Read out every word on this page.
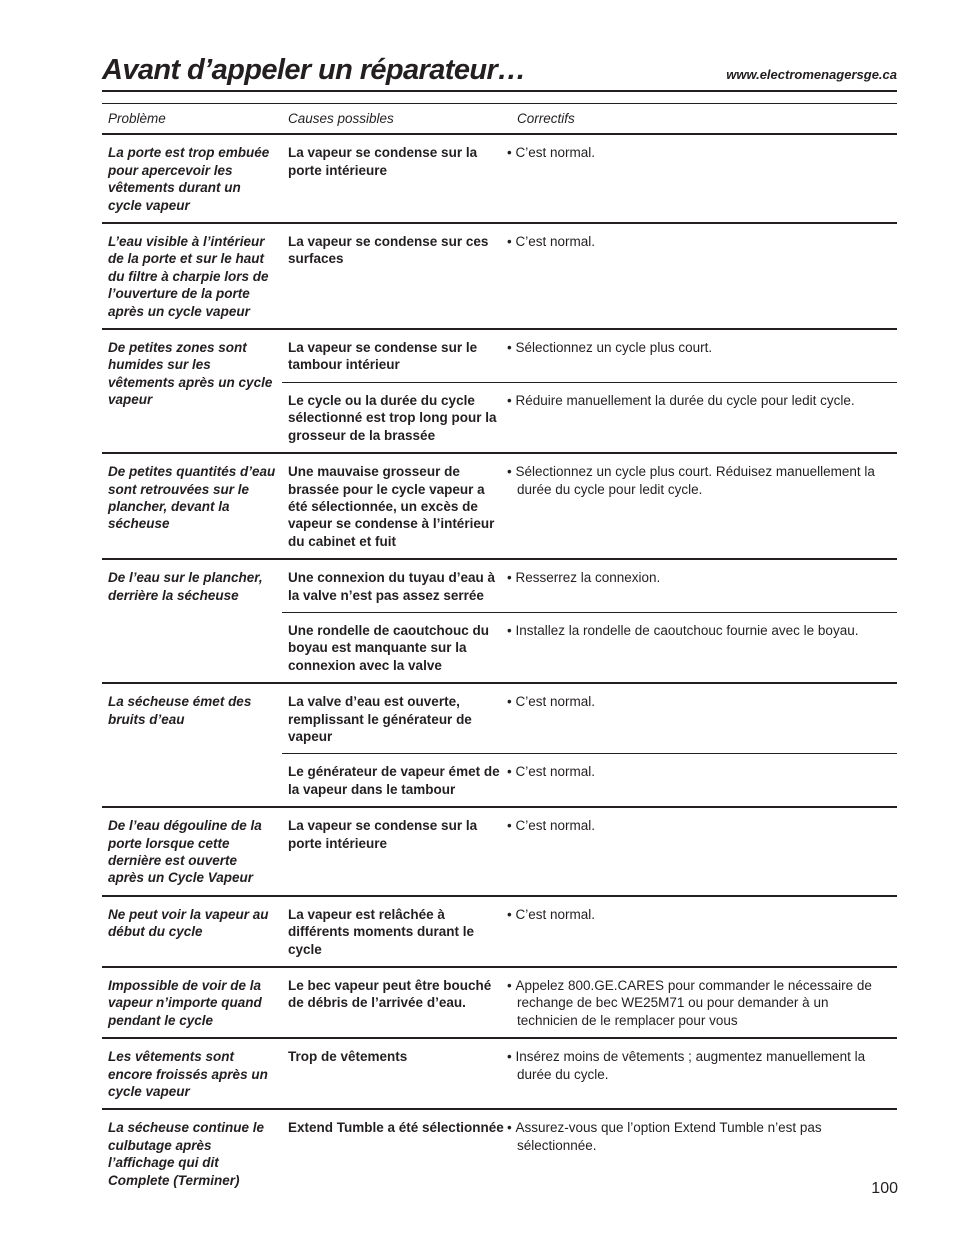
Avant d’appeler un réparateur…	www.electromenagersge.ca
Problème	Causes possibles	Correctifs
La porte est trop embuée pour apercevoir les vêtements durant un cycle vapeur	La vapeur se condense sur la porte intérieure	• C’est normal.
L’eau visible à l’intérieur de la porte et sur le haut du filtre à charpie lors de l’ouverture de la porte après un cycle vapeur	La vapeur se condense sur ces surfaces	• C’est normal.
De petites zones sont humides sur les vêtements après un cycle vapeur	La vapeur se condense sur le tambour intérieur	• Sélectionnez un cycle plus court.
	Le cycle ou la durée du cycle sélectionné est trop long pour la grosseur de la brassée	• Réduire manuellement la durée du cycle pour ledit cycle.
De petites quantités d’eau sont retrouvées sur le plancher, devant la sécheuse	Une mauvaise grosseur de brassée pour le cycle vapeur a été sélectionnée, un excès de vapeur se condense à l’intérieur du cabinet et fuit	• Sélectionnez un cycle plus court. Réduisez manuellement la durée du cycle pour ledit cycle.
De l’eau sur le plancher, derrière la sécheuse	Une connexion du tuyau d’eau à la valve n’est pas assez serrée	• Resserrez la connexion.
	Une rondelle de caoutchouc du boyau est manquante sur la connexion avec la valve	• Installez la rondelle de caoutchouc fournie avec le boyau.
La sécheuse émet des bruits d’eau	La valve d’eau est ouverte, remplissant le générateur de vapeur	• C’est normal.
	Le générateur de vapeur émet de la vapeur dans le tambour	• C’est normal.
De l’eau dégouline de la porte lorsque cette dernière est ouverte après un Cycle Vapeur	La vapeur se condense sur la porte intérieure	• C’est normal.
Ne peut voir la vapeur au début du cycle	La vapeur est relâchée à différents moments durant le cycle	• C’est normal.
Impossible de voir de la vapeur n’importe quand pendant le cycle	Le bec vapeur peut être bouché de débris de l’arrivée d’eau.	• Appelez 800.GE.CARES pour commander le nécessaire de rechange de bec WE25M71 ou pour demander à un technicien de le remplacer pour vous
Les vêtements sont encore froissés après un cycle vapeur	Trop de vêtements	• Insérez moins de vêtements ; augmentez manuellement la durée du cycle.
La sécheuse continue le culbutage après l’affichage qui dit Complete (Terminer)	Extend Tumble a été sélectionnée	• Assurez-vous que l’option Extend Tumble n’est pas sélectionnée.
100
